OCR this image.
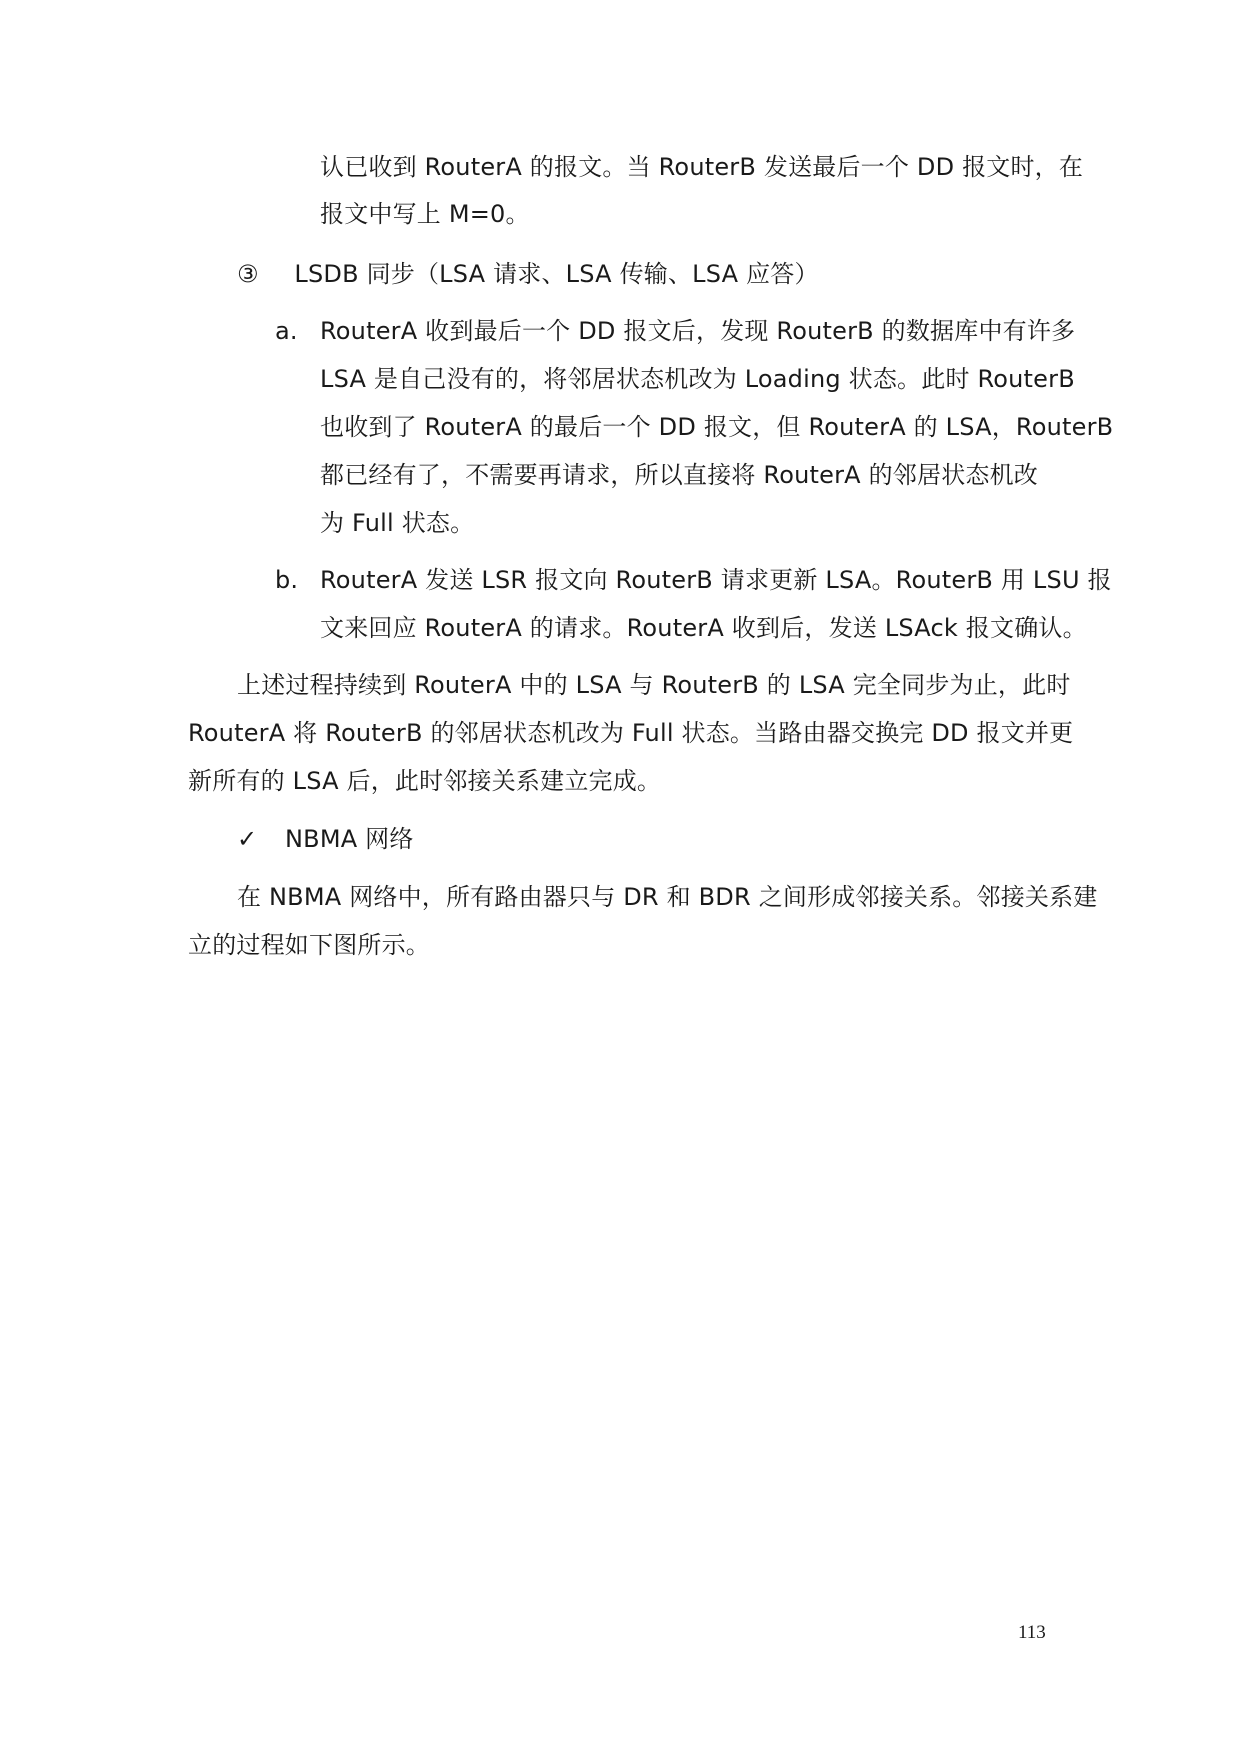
认已收到 RouterA 的报文。当 RouterB 发送最后一个 DD 报文时，在
报文中写上 M=0。
③ LSDB 同步（LSA 请求、LSA 传输、LSA 应答）
a. RouterA 收到最后一个 DD 报文后，发现 RouterB 的数据库中有许多
LSA 是自己没有的，将邻居状态机改为 Loading 状态。此时 RouterB
也收到了 RouterA 的最后一个 DD 报文，但 RouterA 的 LSA，RouterB
都已经有了，不需要再请求，所以直接将 RouterA 的邻居状态机改
为 Full 状态。
b. RouterA 发送 LSR 报文向 RouterB 请求更新 LSA。RouterB 用 LSU 报
文来回应 RouterA 的请求。RouterA 收到后，发送 LSAck 报文确认。
上述过程持续到 RouterA 中的 LSA 与 RouterB 的 LSA 完全同步为止，此时
RouterA 将 RouterB 的邻居状态机改为 Full 状态。当路由器交换完 DD 报文并更
新所有的 LSA 后，此时邻接关系建立完成。
✓ NBMA 网络
在 NBMA 网络中，所有路由器只与 DR 和 BDR 之间形成邻接关系。邻接关系建
立的过程如下图所示。
113
